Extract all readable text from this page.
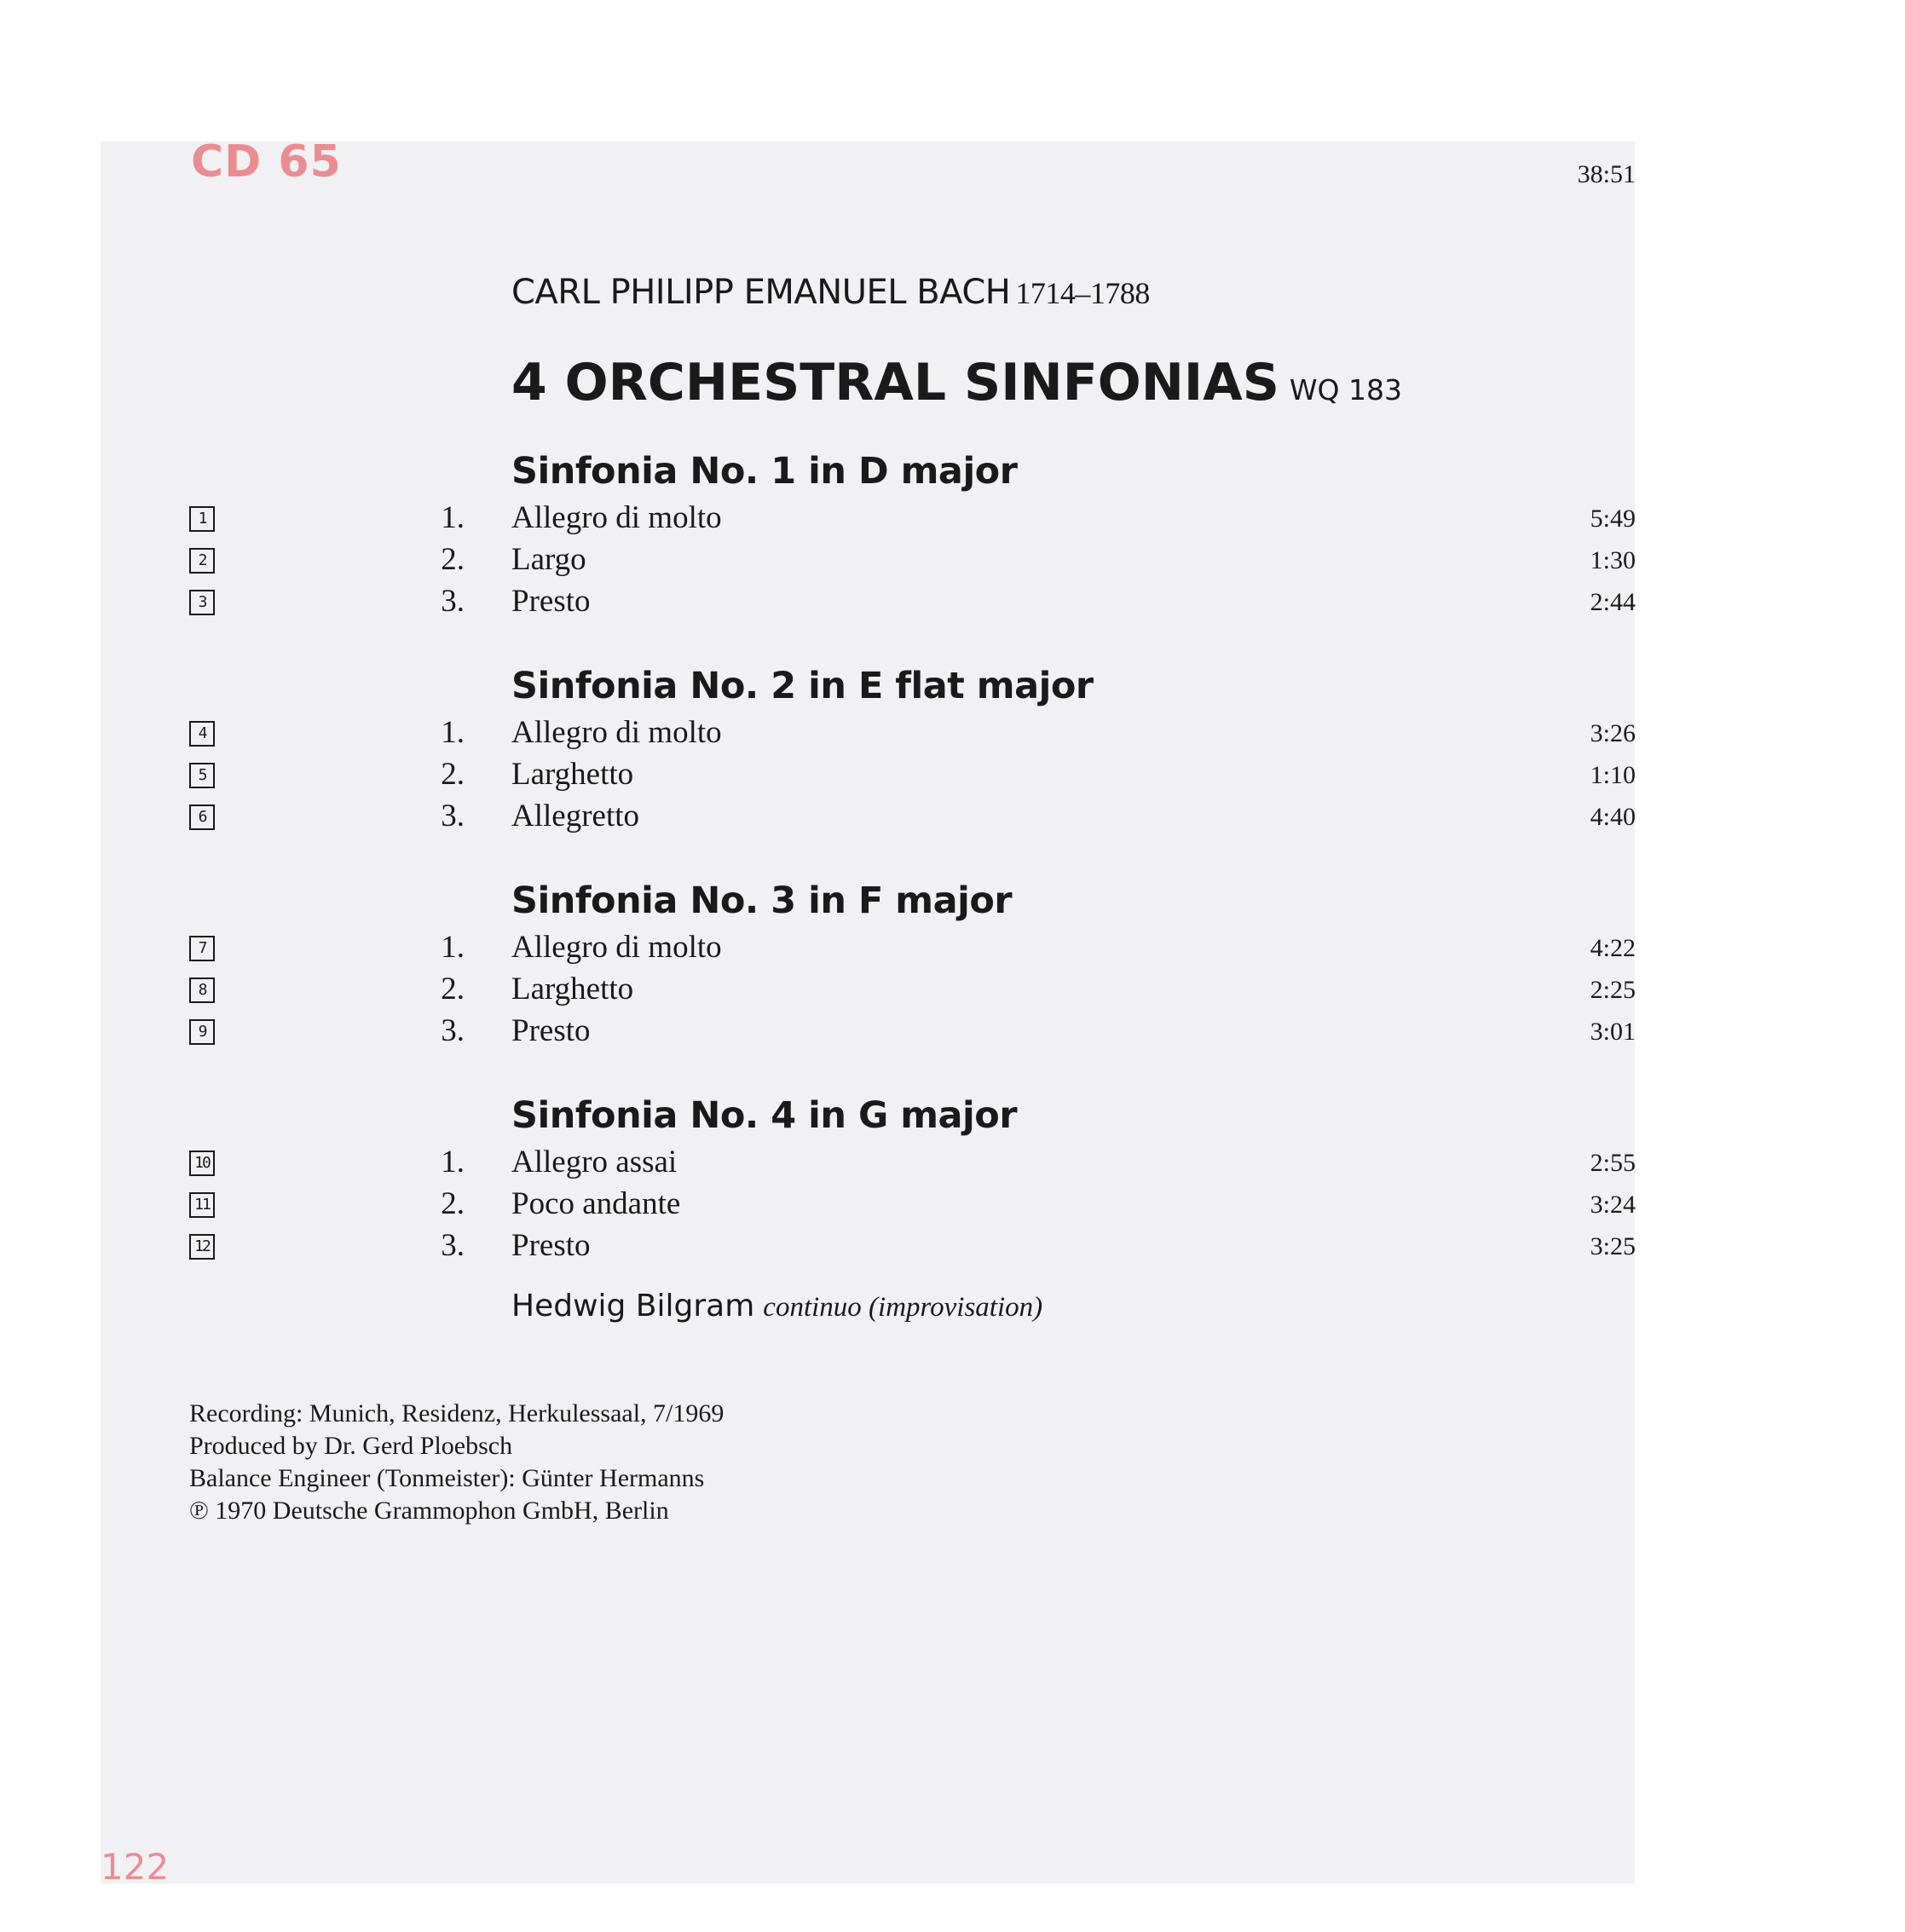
CD 65	38:51
CARL PHILIPP EMANUEL BACH 1714–1788
4 ORCHESTRAL SINFONIAS WQ 183
Sinfonia No. 1 in D major
1	1. Allegro di molto	5:49
2	2. Largo	1:30
3	3. Presto	2:44
Sinfonia No. 2 in E flat major
4	1. Allegro di molto	3:26
5	2. Larghetto	1:10
6	3. Allegretto	4:40
Sinfonia No. 3 in F major
7	1. Allegro di molto	4:22
8	2. Larghetto	2:25
9	3. Presto	3:01
Sinfonia No. 4 in G major
10	1. Allegro assai	2:55
11	2. Poco andante	3:24
12	3. Presto	3:25
Hedwig Bilgram continuo (improvisation)
Recording: Munich, Residenz, Herkulessaal, 7/1969
Produced by Dr. Gerd Ploebsch
Balance Engineer (Tonmeister): Günter Hermanns
℗ 1970 Deutsche Grammophon GmbH, Berlin
122
